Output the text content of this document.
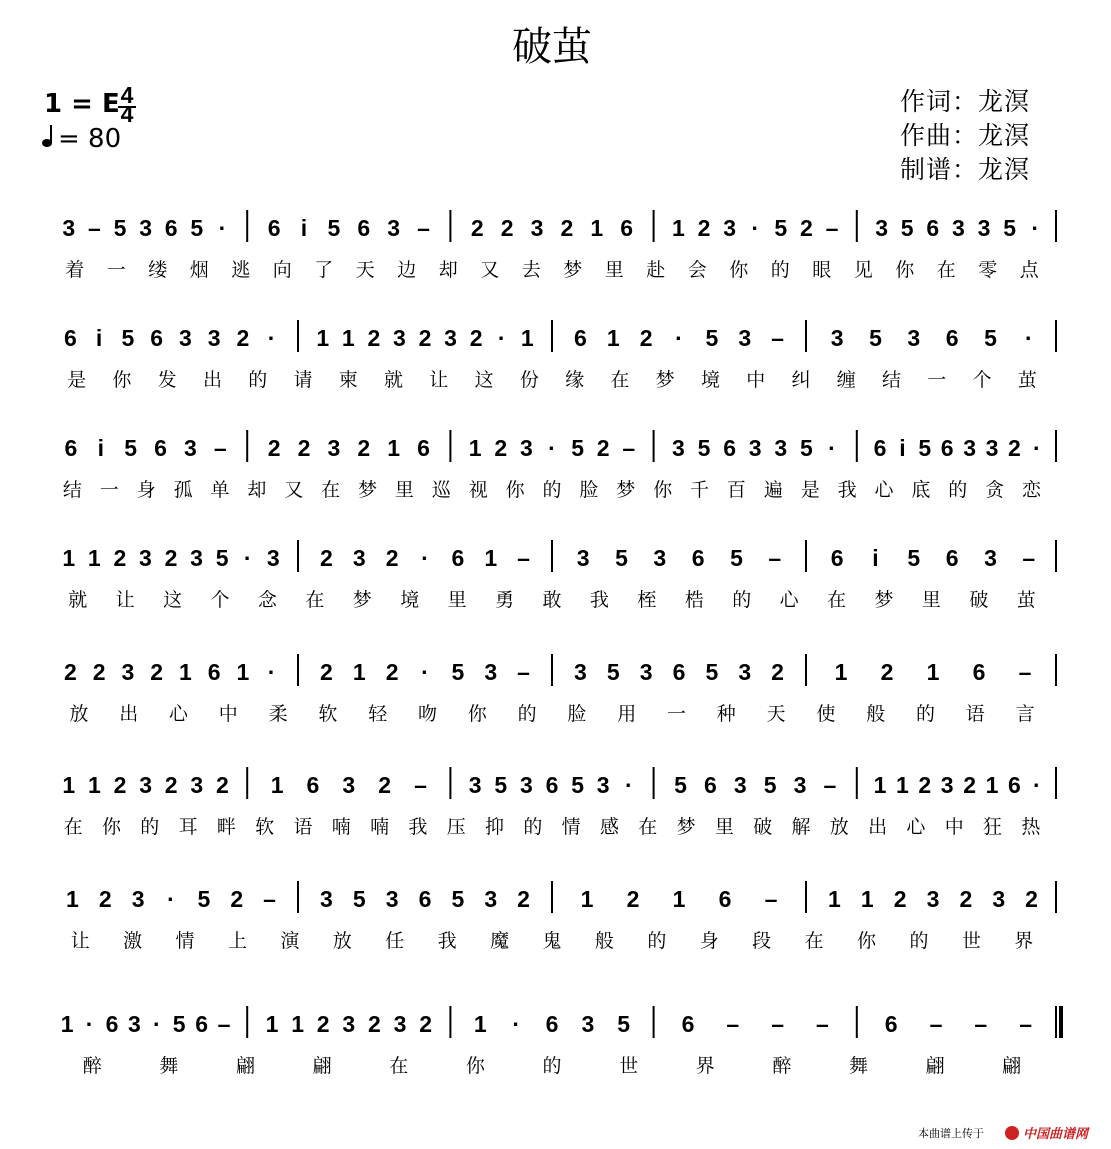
破茧
1 = E 4
4
= 80
作词：龙溟
作曲：龙溟
制谱：龙溟
3 – 5 3 6 5 · 6 i 5 6 3 – 2 2 3 2 1 6 1 2 3 · 5 2 – 3 5 6 3 3 5 ·
着 一 缕 烟 逃 向 了 天 边 却 又 去 梦 里 赴 会 你 的 眼 见 你 在 零 点
6 i 5 6 3 3 2 · 1 1 2 3 2 3 2 · 1 6 1 2 · 5 3 – 3 5 3 6 5 ·
是 你 发 出 的 请 柬 就 让 这 份 缘 在 梦 境 中 纠 缠 结 一 个 茧
6 i 5 6 3 – 2 2 3 2 1 6 1 2 3 · 5 2 – 3 5 6 3 3 5 · 6 i 5 6 3 3 2 ·
结 一 身 孤 单 却 又 在 梦 里 巡 视 你 的 脸 梦 你 千 百 遍 是 我 心 底 的 贪 恋
1 1 2 3 2 3 5 · 3 2 3 2 · 6 1 – 3 5 3 6 5 – 6 i 5 6 3 –
就 让 这 个 念 在 梦 境 里 勇 敢 我 桎 梏 的 心 在 梦 里 破 茧
2 2 3 2 1 6 1 · 2 1 2 · 5 3 – 3 5 3 6 5 3 2 1 2 1 6 –
放 出 心 中 柔 软 轻 吻 你 的 脸 用 一 种 天 使 般 的 语 言
1 1 2 3 2 3 2 1 6 3 2 – 3 5 3 6 5 3 · 5 6 3 5 3 – 1 1 2 3 2 1 6 ·
在 你 的 耳 畔 软 语 喃 喃 我 压 抑 的 情 感 在 梦 里 破 解 放 出 心 中 狂 热
1 2 3 · 5 2 – 3 5 3 6 5 3 2 1 2 1 6 – 1 1 2 3 2 3 2
让 激 情 上 演 放 任 我 魔 鬼 般 的 身 段 在 你 的 世 界
1 · 6 3 · 5 6 – 1 1 2 3 2 3 2 1 · 6 3 5 6 – – – 6 – – –
醉	舞	翩	翩	在	你	的	世	界	醉	舞	翩	翩
本曲谱上传于	中国曲谱网
